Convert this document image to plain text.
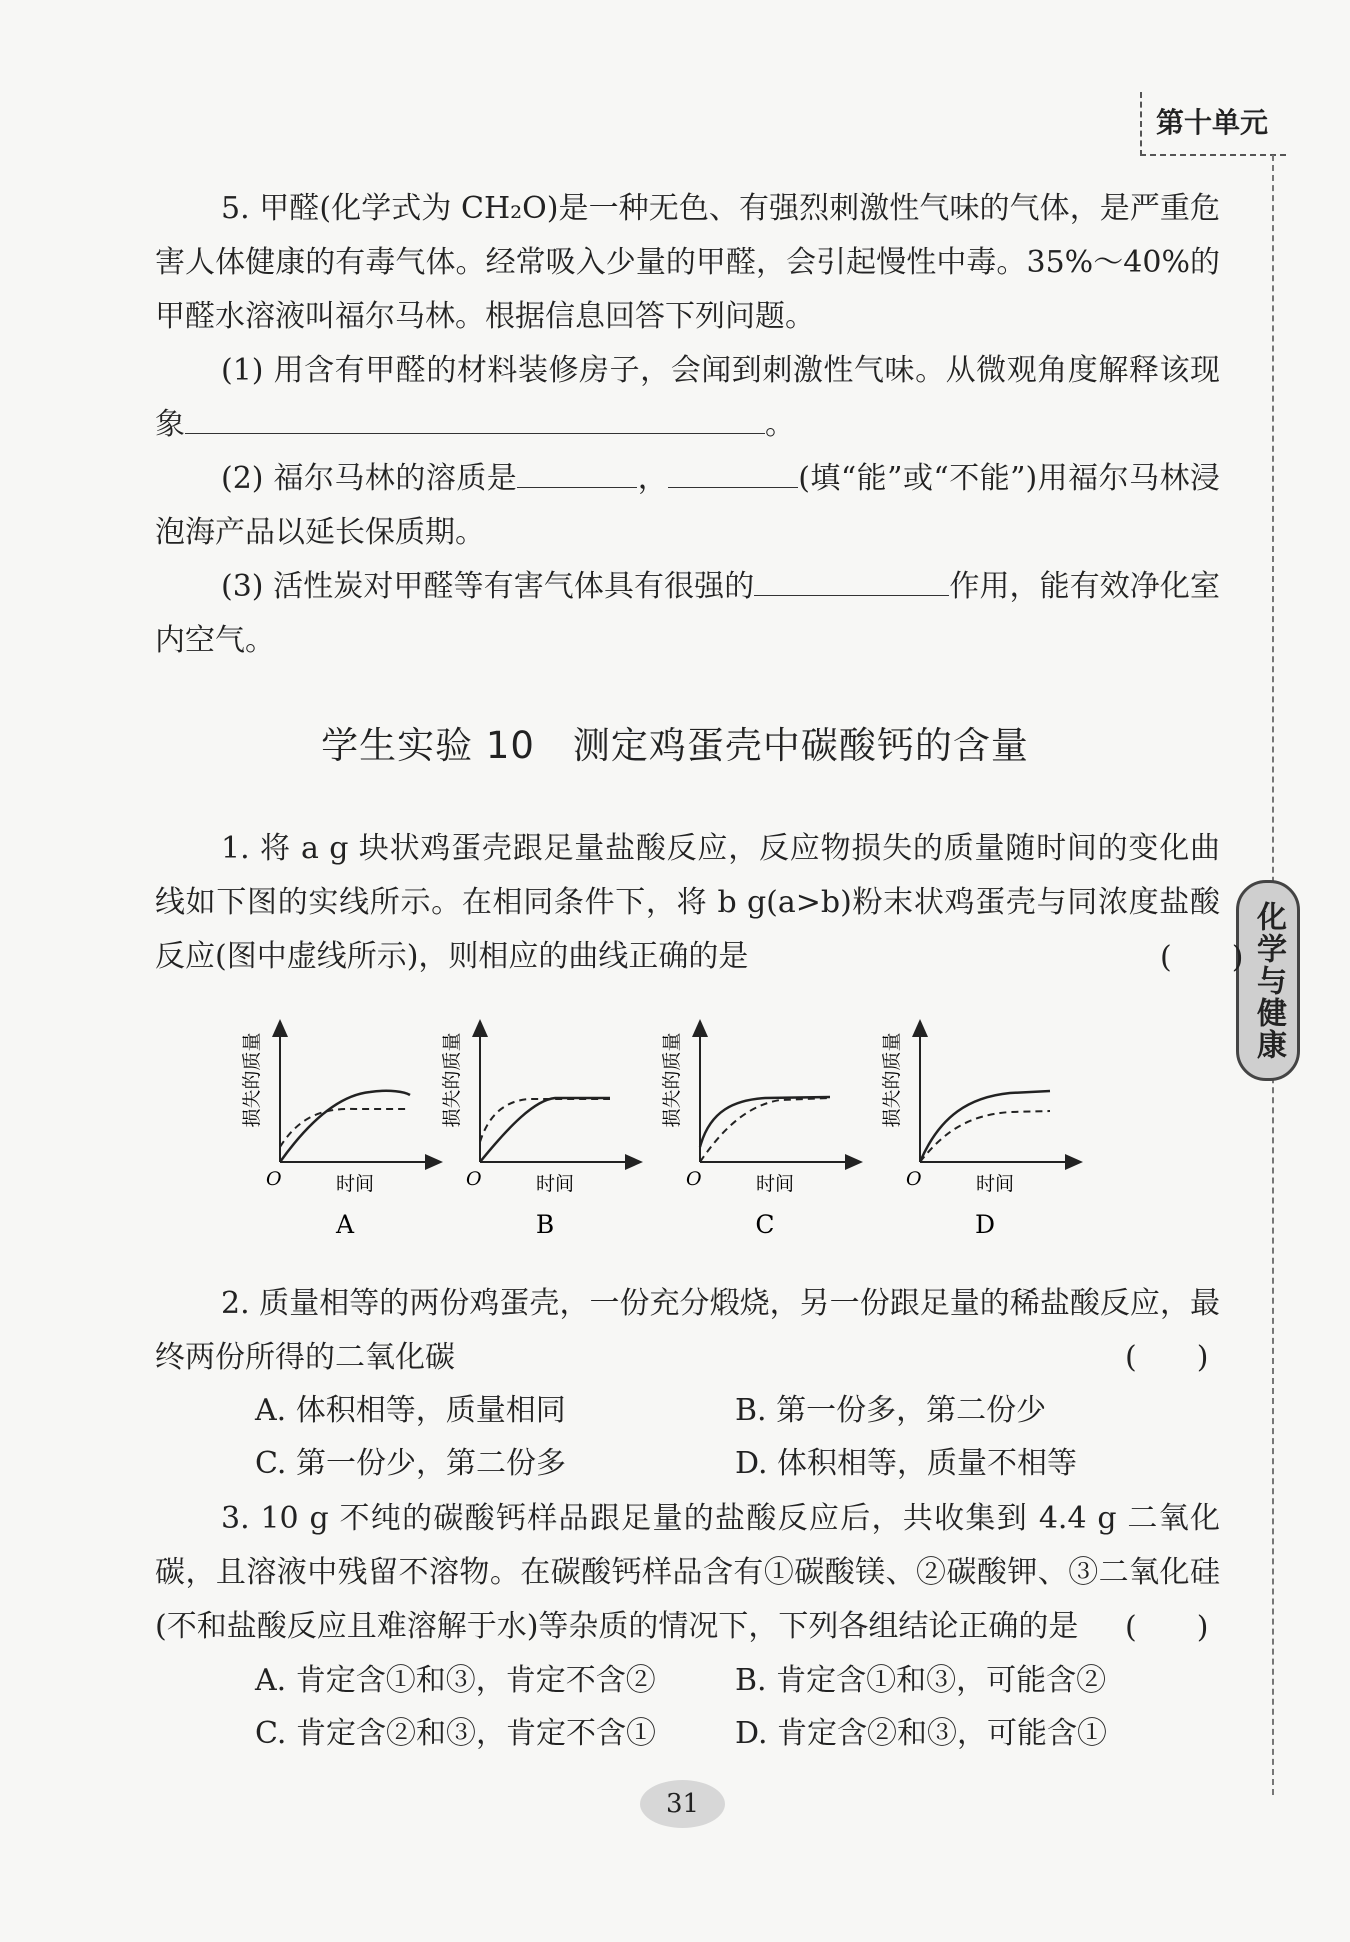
第十单元
化学与健康
5. 甲醛(化学式为 CH₂O)是一种无色、有强烈刺激性气味的气体，是严重危害人体健康的有毒气体。经常吸入少量的甲醛，会引起慢性中毒。35%～40%的甲醛水溶液叫福尔马林。根据信息回答下列问题。
(1) 用含有甲醛的材料装修房子，会闻到刺激性气味。从微观角度解释该现象	。
(2) 福尔马林的溶质是	，	(填“能”或“不能”)用福尔马林浸泡海产品以延长保质期。
(3) 活性炭对甲醛等有害气体具有很强的	作用，能有效净化室内空气。
学生实验 10　测定鸡蛋壳中碳酸钙的含量
1. 将 a g 块状鸡蛋壳跟足量盐酸反应，反应物损失的质量随时间的变化曲线如下图的实线所示。在相同条件下，将 b g(a>b)粉末状鸡蛋壳与同浓度盐酸反应(图中虚线所示)，则相应的曲线正确的是	(　　)
损失的质量
O	时间
A
损失的质量
O	时间
B
损失的质量
O	时间
C
损失的质量
O	时间
D
2. 质量相等的两份鸡蛋壳，一份充分煅烧，另一份跟足量的稀盐酸反应，最终两份所得的二氧化碳	(　　)
A. 体积相等，质量相同	B. 第一份多，第二份少
C. 第一份少，第二份多	D. 体积相等，质量不相等
3. 10 g 不纯的碳酸钙样品跟足量的盐酸反应后，共收集到 4.4 g 二氧化碳，且溶液中残留不溶物。在碳酸钙样品含有①碳酸镁、②碳酸钾、③二氧化硅(不和盐酸反应且难溶解于水)等杂质的情况下，下列各组结论正确的是	(　　)
A. 肯定含①和③，肯定不含②	B. 肯定含①和③，可能含②
C. 肯定含②和③，肯定不含①	D. 肯定含②和③，可能含①
31
